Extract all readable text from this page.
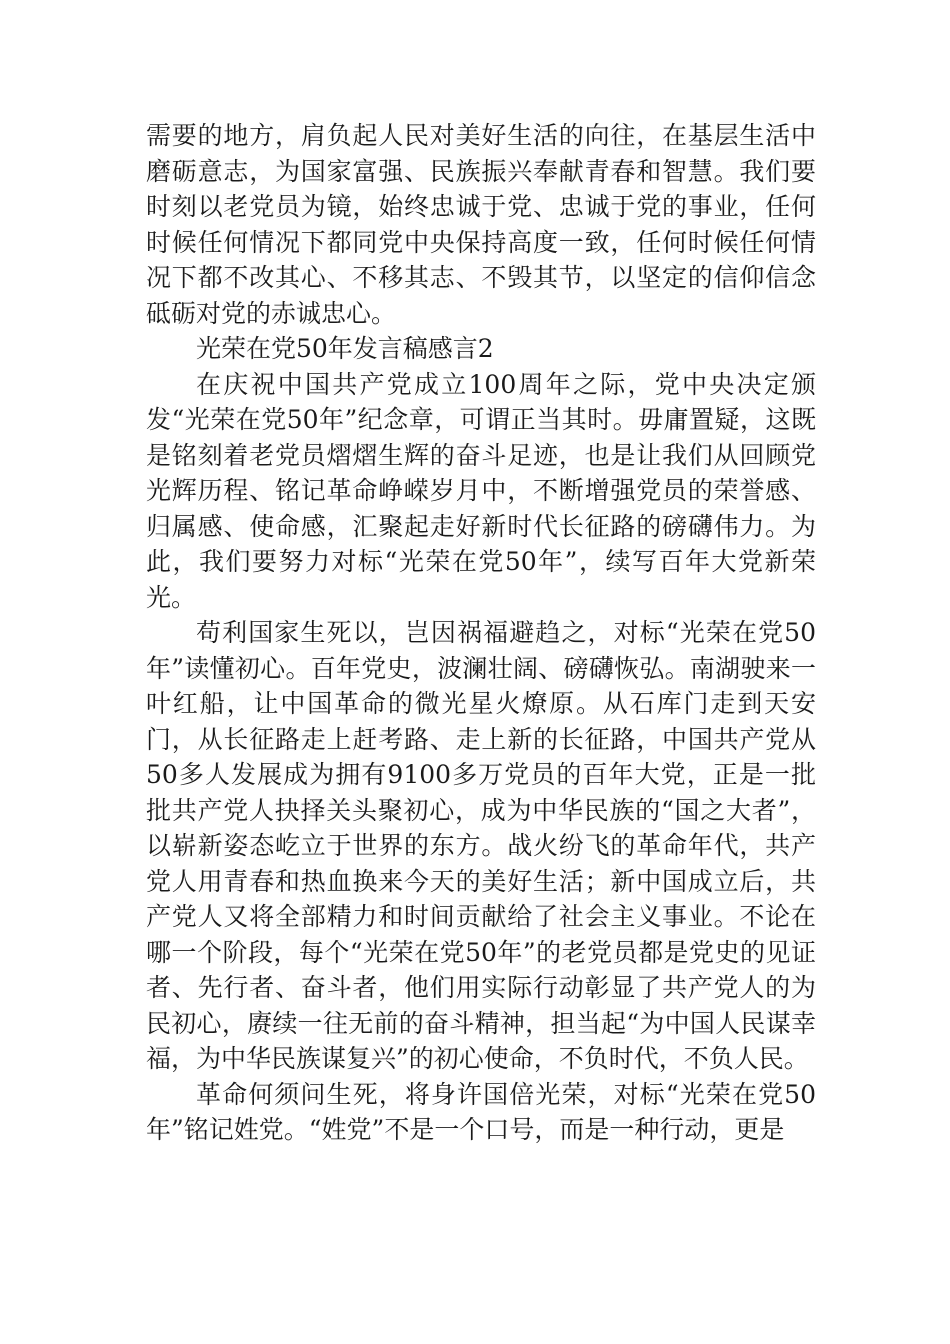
需要的地方，肩负起人民对美好生活的向往，在基层生活中磨砺意志，为国家富强、民族振兴奉献青春和智慧。我们要时刻以老党员为镜，始终忠诚于党、忠诚于党的事业，任何时候任何情况下都同党中央保持高度一致，任何时候任何情况下都不改其心、不移其志、不毁其节，以坚定的信仰信念砥砺对党的赤诚忠心。

光荣在党50年发言稿感言2

在庆祝中国共产党成立100周年之际，党中央决定颁发“光荣在党50年”纪念章，可谓正当其时。毋庸置疑，这既是铭刻着老党员熠熠生辉的奋斗足迹，也是让我们从回顾党光辉历程、铭记革命峥嵘岁月中，不断增强党员的荣誉感、归属感、使命感，汇聚起走好新时代长征路的磅礴伟力。为此，我们要努力对标“光荣在党50年”，续写百年大党新荣光。

苟利国家生死以，岂因祸福避趋之，对标“光荣在党50年”读懂初心。百年党史，波澜壮阔、磅礴恢弘。南湖驶来一叶红船，让中国革命的微光星火燎原。从石库门走到天安门，从长征路走上赶考路、走上新的长征路，中国共产党从50多人发展成为拥有9100多万党员的百年大党，正是一批批共产党人抉择关头聚初心，成为中华民族的“国之大者”，以崭新姿态屹立于世界的东方。战火纷飞的革命年代，共产党人用青春和热血换来今天的美好生活；新中国成立后，共产党人又将全部精力和时间贡献给了社会主义事业。不论在哪一个阶段，每个“光荣在党50年”的老党员都是党史的见证者、先行者、奋斗者，他们用实际行动彰显了共产党人的为民初心，赓续一往无前的奋斗精神，担当起“为中国人民谋幸福，为中华民族谋复兴”的初心使命，不负时代，不负人民。

革命何须问生死，将身许国倍光荣，对标“光荣在党50年”铭记姓党。“姓党”不是一个口号，而是一种行动，更是
